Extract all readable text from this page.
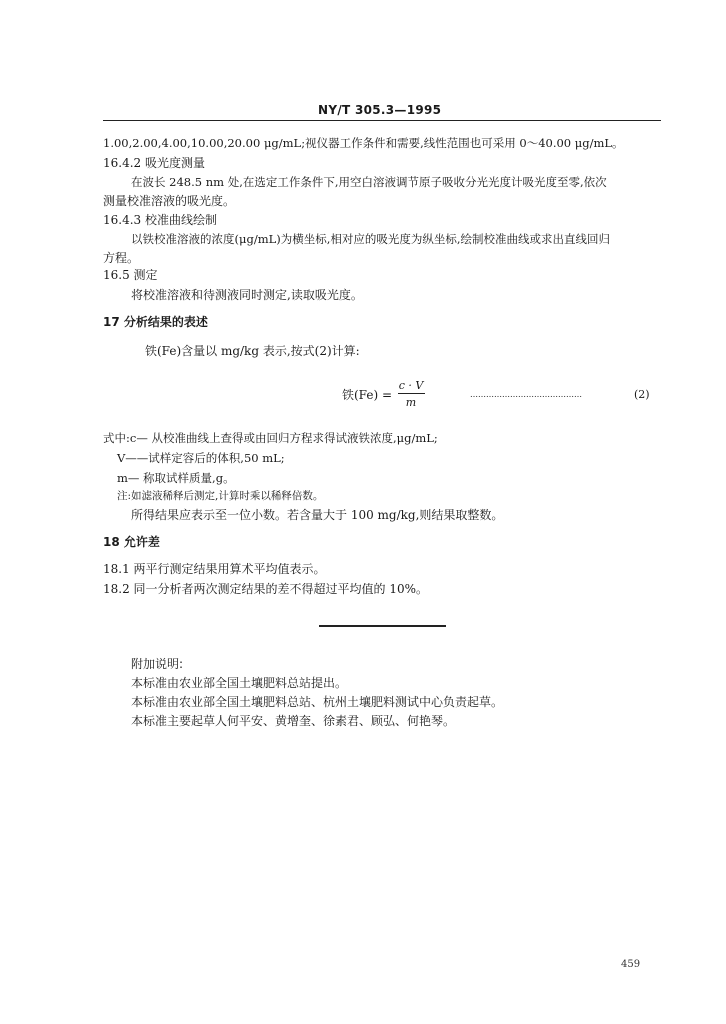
NY/T 305.3—1995
1.00,2.00,4.00,10.00,20.00 μg/mL;视仪器工作条件和需要,线性范围也可采用 0～40.00 μg/mL。
16.4.2 吸光度测量
在波长 248.5 nm 处,在选定工作条件下,用空白溶液调节原子吸收分光光度计吸光度至零,依次
测量校准溶液的吸光度。
16.4.3 校准曲线绘制
以铁校准溶液的浓度(μg/mL)为横坐标,相对应的吸光度为纵坐标,绘制校准曲线或求出直线回归
方程。
16.5 测定
将校准溶液和待测液同时测定,读取吸光度。
17 分析结果的表述
铁(Fe)含量以 mg/kg 表示,按式(2)计算:
铁(Fe) =
c · V
m
……………………………………	(2)
式中:c— 从校准曲线上查得或由回归方程求得试液铁浓度,μg/mL;
V——试样定容后的体积,50 mL;
m— 称取试样质量,g。
注:如滤液稀释后测定,计算时乘以稀释倍数。
所得结果应表示至一位小数。若含量大于 100 mg/kg,则结果取整数。
18 允许差
18.1 两平行测定结果用算术平均值表示。
18.2 同一分析者两次测定结果的差不得超过平均值的 10%。
附加说明:
本标准由农业部全国土壤肥料总站提出。
本标准由农业部全国土壤肥料总站、杭州土壤肥料测试中心负责起草。
本标准主要起草人何平安、黄增奎、徐素君、顾弘、何艳琴。
459
